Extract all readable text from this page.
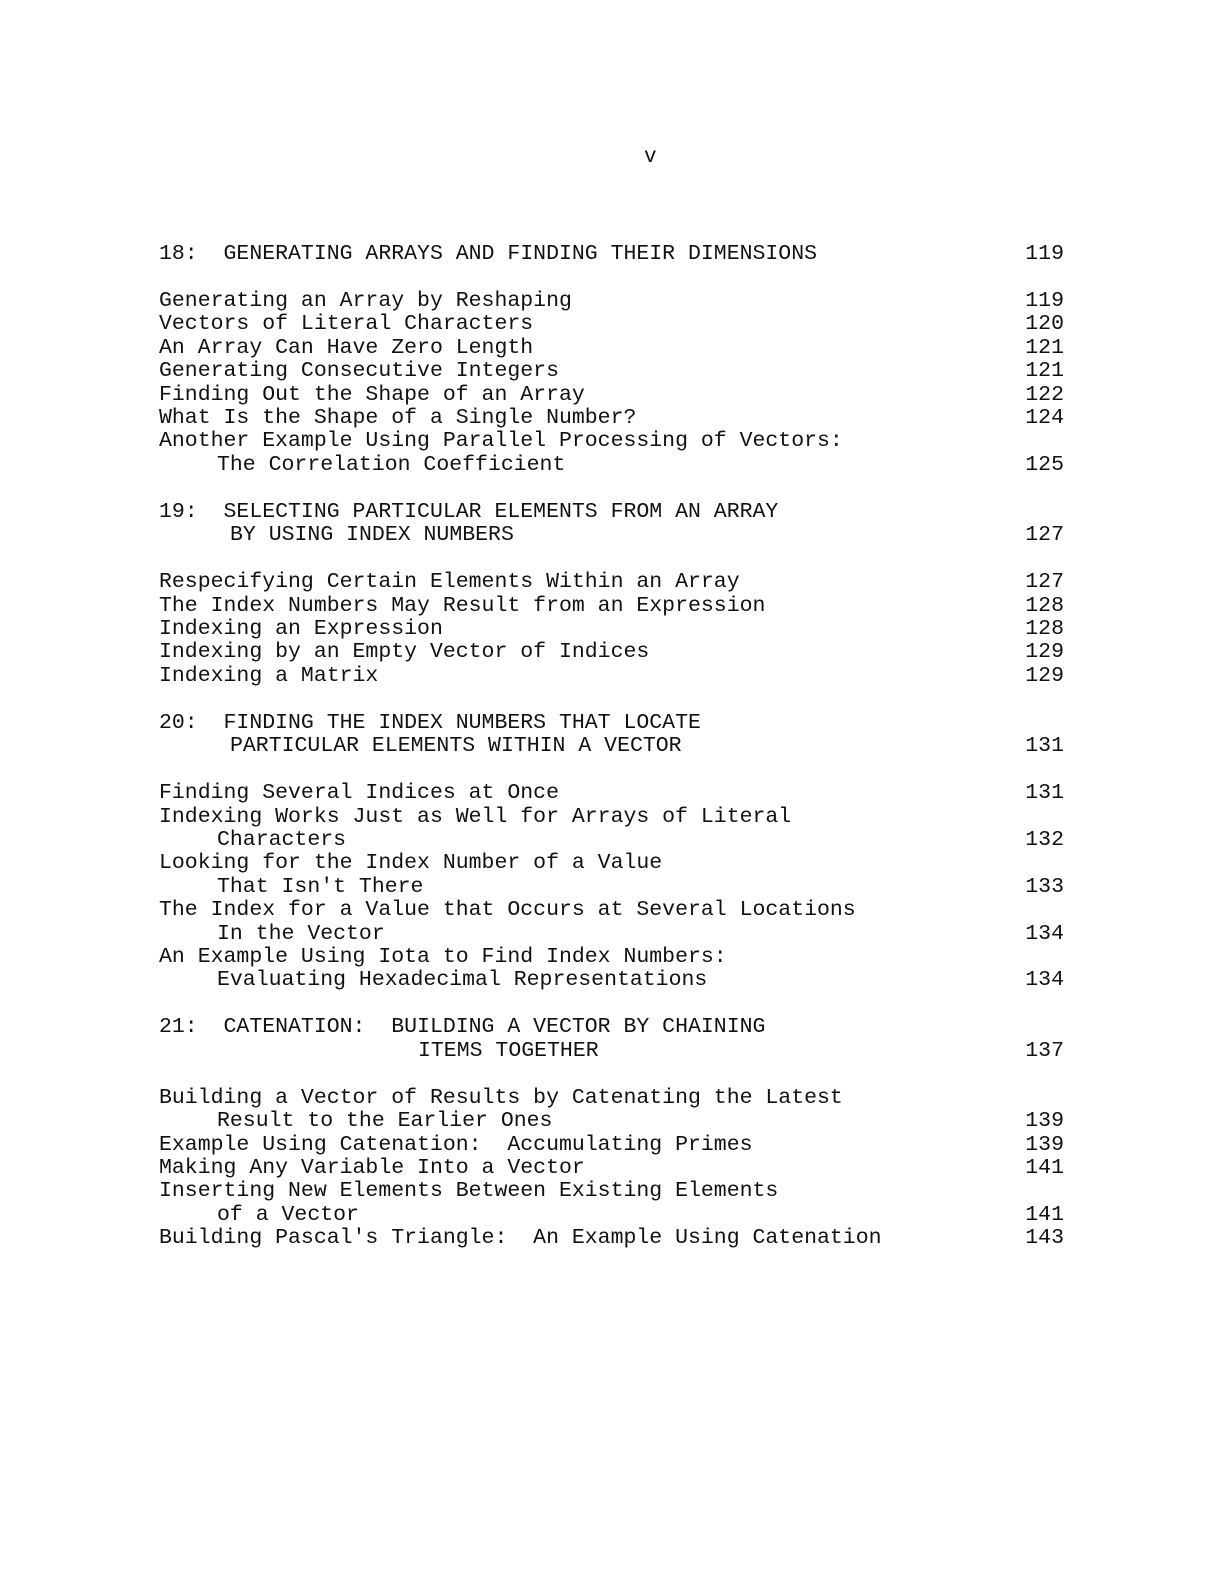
v
18:  GENERATING ARRAYS AND FINDING THEIR DIMENSIONS	119
Generating an Array by Reshaping	119
Vectors of Literal Characters	120
An Array Can Have Zero Length	121
Generating Consecutive Integers	121
Finding Out the Shape of an Array	122
What Is the Shape of a Single Number?	124
Another Example Using Parallel Processing of Vectors:
The Correlation Coefficient	125
19:  SELECTING PARTICULAR ELEMENTS FROM AN ARRAY
BY USING INDEX NUMBERS	127
Respecifying Certain Elements Within an Array	127
The Index Numbers May Result from an Expression	128
Indexing an Expression	128
Indexing by an Empty Vector of Indices	129
Indexing a Matrix	129
20:  FINDING THE INDEX NUMBERS THAT LOCATE
PARTICULAR ELEMENTS WITHIN A VECTOR	131
Finding Several Indices at Once	131
Indexing Works Just as Well for Arrays of Literal
Characters	132
Looking for the Index Number of a Value
That Isn't There	133
The Index for a Value that Occurs at Several Locations
In the Vector	134
An Example Using Iota to Find Index Numbers:
Evaluating Hexadecimal Representations	134
21:  CATENATION:  BUILDING A VECTOR BY CHAINING
ITEMS TOGETHER	137
Building a Vector of Results by Catenating the Latest
Result to the Earlier Ones	139
Example Using Catenation:  Accumulating Primes	139
Making Any Variable Into a Vector	141
Inserting New Elements Between Existing Elements
of a Vector	141
Building Pascal's Triangle:  An Example Using Catenation	143
